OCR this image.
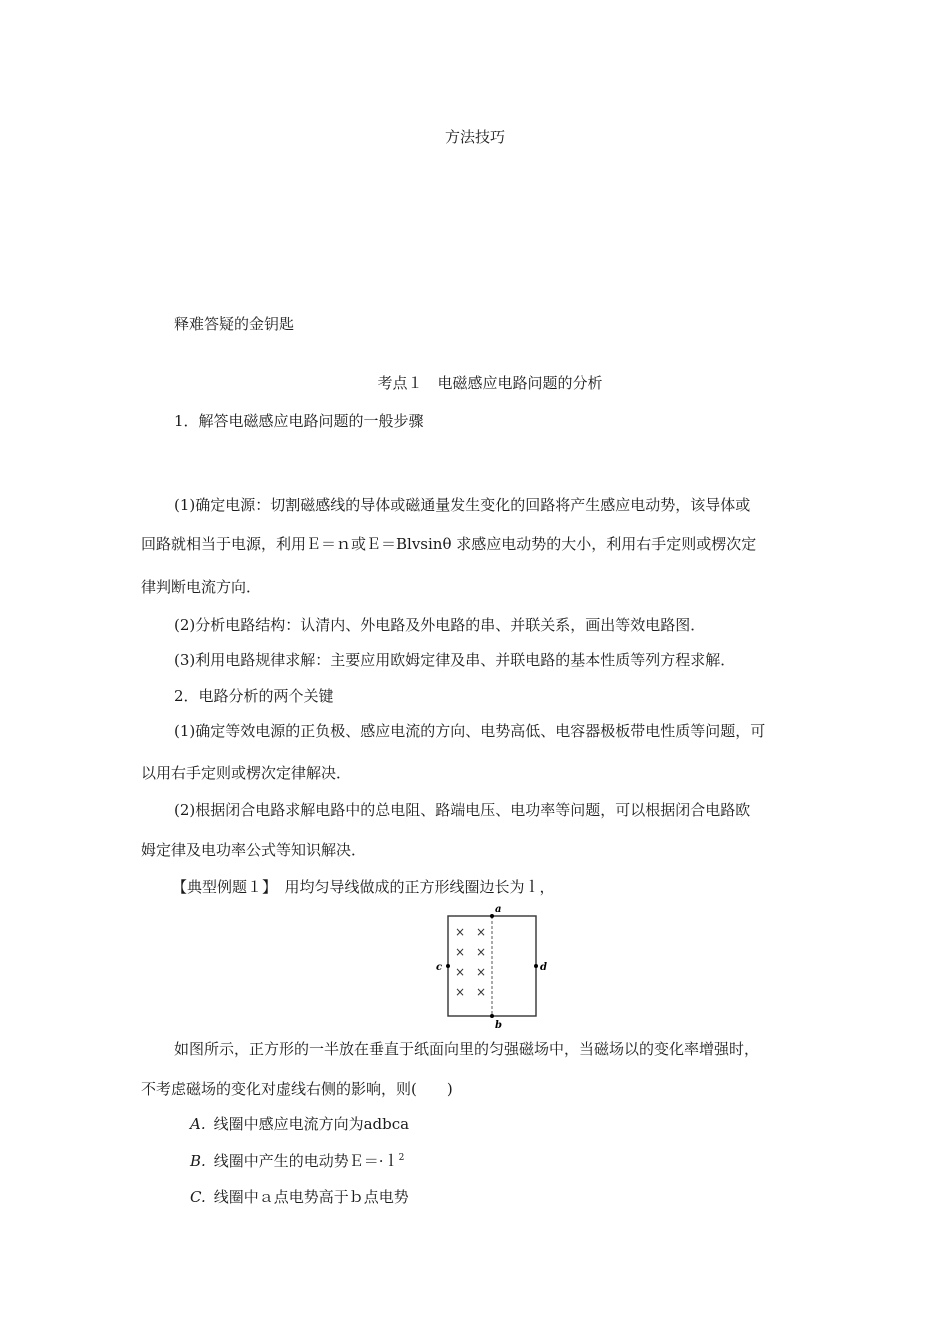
方法技巧
释难答疑的金钥匙
考点１　电磁感应电路问题的分析
1．解答电磁感应电路问题的一般步骤
(1)确定电源：切割磁感线的导体或磁通量发生变化的回路将产生感应电动势，该导体或
回路就相当于电源，利用Ｅ＝ｎ或Ｅ＝Blvsinθ 求感应电动势的大小，利用右手定则或楞次定
律判断电流方向．
(2)分析电路结构：认清内、外电路及外电路的串、并联关系，画出等效电路图．
(3)利用电路规律求解：主要应用欧姆定律及串、并联电路的基本性质等列方程求解．
2．电路分析的两个关键
(1)确定等效电源的正负极、感应电流的方向、电势高低、电容器极板带电性质等问题，可
以用右手定则或楞次定律解决．
(2)根据闭合电路求解电路中的总电阻、路端电压、电功率等问题，可以根据闭合电路欧
姆定律及电功率公式等知识解决．
【典型例题１】　用均匀导线做成的正方形线圈边长为ｌ，
a
b
c	d
× ×
× ×
× ×
× ×
如图所示，正方形的一半放在垂直于纸面向里的匀强磁场中，当磁场以的变化率增强时，
不考虑磁场的变化对虚线右侧的影响，则(　　)
A. 线圈中感应电流方向为adbca
B. 线圈中产生的电动势Ｅ＝·ｌ$^2$
C. 线圈中ａ点电势高于ｂ点电势
